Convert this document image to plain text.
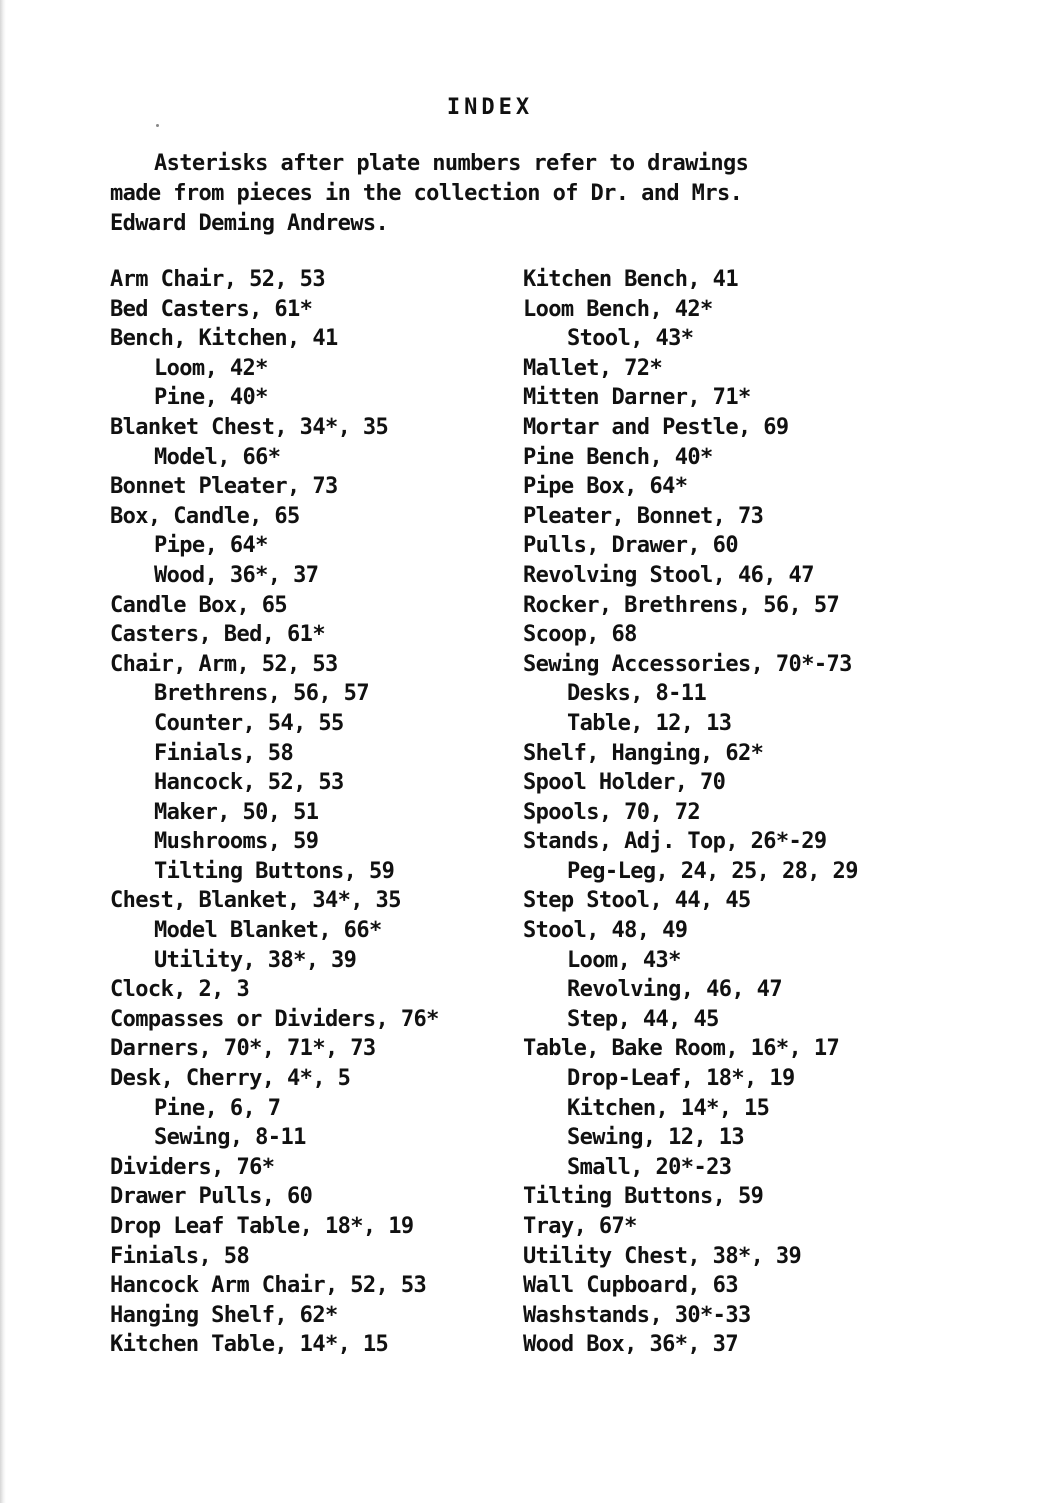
INDEX
Asterisks after plate numbers refer to drawings
made from pieces in the collection of Dr. and Mrs.
Edward Deming Andrews.
Arm Chair, 52, 53
Bed Casters, 61*
Bench, Kitchen, 41
Loom, 42*
Pine, 40*
Blanket Chest, 34*, 35
Model, 66*
Bonnet Pleater, 73
Box, Candle, 65
Pipe, 64*
Wood, 36*, 37
Candle Box, 65
Casters, Bed, 61*
Chair, Arm, 52, 53
Brethrens, 56, 57
Counter, 54, 55
Finials, 58
Hancock, 52, 53
Maker, 50, 51
Mushrooms, 59
Tilting Buttons, 59
Chest, Blanket, 34*, 35
Model Blanket, 66*
Utility, 38*, 39
Clock, 2, 3
Compasses or Dividers, 76*
Darners, 70*, 71*, 73
Desk, Cherry, 4*, 5
Pine, 6, 7
Sewing, 8-11
Dividers, 76*
Drawer Pulls, 60
Drop Leaf Table, 18*, 19
Finials, 58
Hancock Arm Chair, 52, 53
Hanging Shelf, 62*
Kitchen Table, 14*, 15
Kitchen Bench, 41
Loom Bench, 42*
Stool, 43*
Mallet, 72*
Mitten Darner, 71*
Mortar and Pestle, 69
Pine Bench, 40*
Pipe Box, 64*
Pleater, Bonnet, 73
Pulls, Drawer, 60
Revolving Stool, 46, 47
Rocker, Brethrens, 56, 57
Scoop, 68
Sewing Accessories, 70*-73
Desks, 8-11
Table, 12, 13
Shelf, Hanging, 62*
Spool Holder, 70
Spools, 70, 72
Stands, Adj. Top, 26*-29
Peg-Leg, 24, 25, 28, 29
Step Stool, 44, 45
Stool, 48, 49
Loom, 43*
Revolving, 46, 47
Step, 44, 45
Table, Bake Room, 16*, 17
Drop-Leaf, 18*, 19
Kitchen, 14*, 15
Sewing, 12, 13
Small, 20*-23
Tilting Buttons, 59
Tray, 67*
Utility Chest, 38*, 39
Wall Cupboard, 63
Washstands, 30*-33
Wood Box, 36*, 37
